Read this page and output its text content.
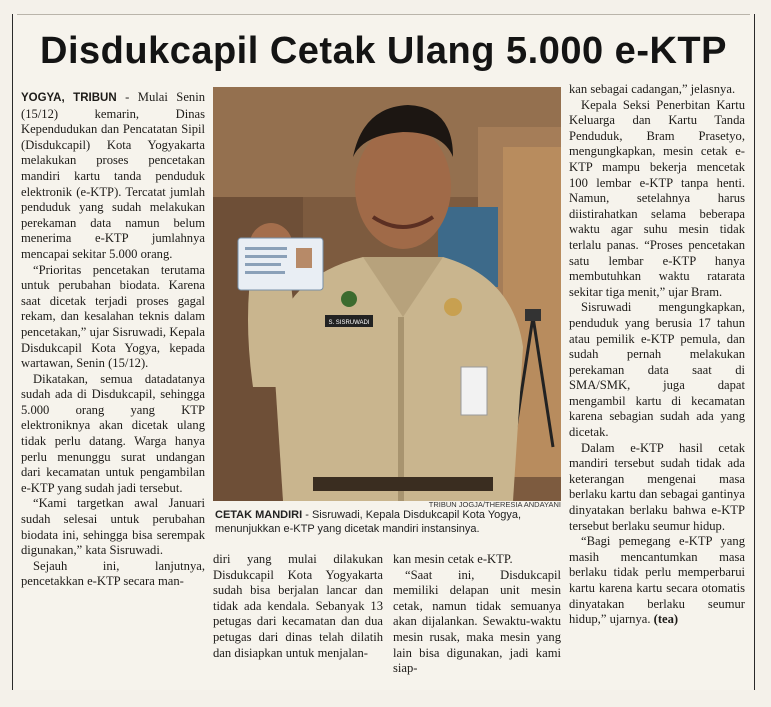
Disdukcapil Cetak Ulang 5.000 e-KTP

YOGYA, TRIBUN - Mulai Senin (15/12) kemarin, Dinas Kependudukan dan Pencatatan Sipil (Disdukcapil) Kota Yogyakarta melakukan proses pencetakan mandiri kartu tanda penduduk elektronik (e-KTP). Tercatat jumlah penduduk yang sudah melakukan perekaman data namun belum menerima e-KTP jumlahnya mencapai sekitar 5.000 orang.

“Prioritas pencetakan terutama untuk perubahan biodata. Karena saat dicetak terjadi proses gagal rekam, dan kesalahan teknis dalam pencetakan,” ujar Sisruwadi, Kepala Disdukcapil Kota Yogya, kepada wartawan, Senin (15/12).

Dikatakan, semua datadatanya sudah ada di Disdukcapil, sehingga 5.000 orang yang KTP elektroniknya akan dicetak ulang tidak perlu datang. Warga hanya perlu menunggu surat undangan dari kecamatan untuk pengambilan e-KTP yang sudah jadi tersebut.

“Kami targetkan awal Januari sudah selesai untuk perubahan biodata ini, sehingga bisa serempak digunakan,” kata Sisruwadi.

Sejauh ini, lanjutnya, pencetakkan e-KTP secara man-

S. SISRUWADI
TRIBUN JOGJA/THERESIA ANDAYANI
CETAK MANDIRI - Sisruwadi, Kepala Disdukcapil Kota Yogya, menunjukkan e-KTP yang dicetak mandiri instansinya.

diri yang mulai dilakukan Disdukcapil Kota Yogyakarta sudah bisa berjalan lancar dan tidak ada kendala. Sebanyak 13 petugas dari kecamatan dan dua petugas dari dinas telah dilatih dan disiapkan untuk menjalan-

kan mesin cetak e-KTP.

“Saat ini, Disdukcapil memiliki delapan unit mesin cetak, namun tidak semuanya akan dijalankan. Sewaktu-waktu mesin rusak, maka mesin yang lain bisa digunakan, jadi kami siap-

kan sebagai cadangan,” jelasnya.

Kepala Seksi Penerbitan Kartu Keluarga dan Kartu Tanda Penduduk, Bram Prasetyo, mengungkapkan, mesin cetak e-KTP mampu bekerja mencetak 100 lembar e-KTP tanpa henti. Namun, setelahnya harus diistirahatkan selama beberapa waktu agar suhu mesin tidak terlalu panas. “Proses pencetakan satu lembar e-KTP hanya membutuhkan waktu ratarata sekitar tiga menit,” ujar Bram.

Sisruwadi mengungkapkan, penduduk yang berusia 17 tahun atau pemilik e-KTP pemula, dan sudah pernah melakukan perekaman data saat di SMA/SMK, juga dapat mengambil kartu di kecamatan karena sebagian sudah ada yang dicetak.

Dalam e-KTP hasil cetak mandiri tersebut sudah tidak ada keterangan mengenai masa berlaku kartu dan sebagai gantinya dinyatakan berlaku bahwa e-KTP tersebut berlaku seumur hidup.

“Bagi pemegang e-KTP yang masih mencantumkan masa berlaku tidak perlu memperbarui kartu karena kartu secara otomatis dinyatakan berlaku seumur hidup,” ujarnya. (tea)
